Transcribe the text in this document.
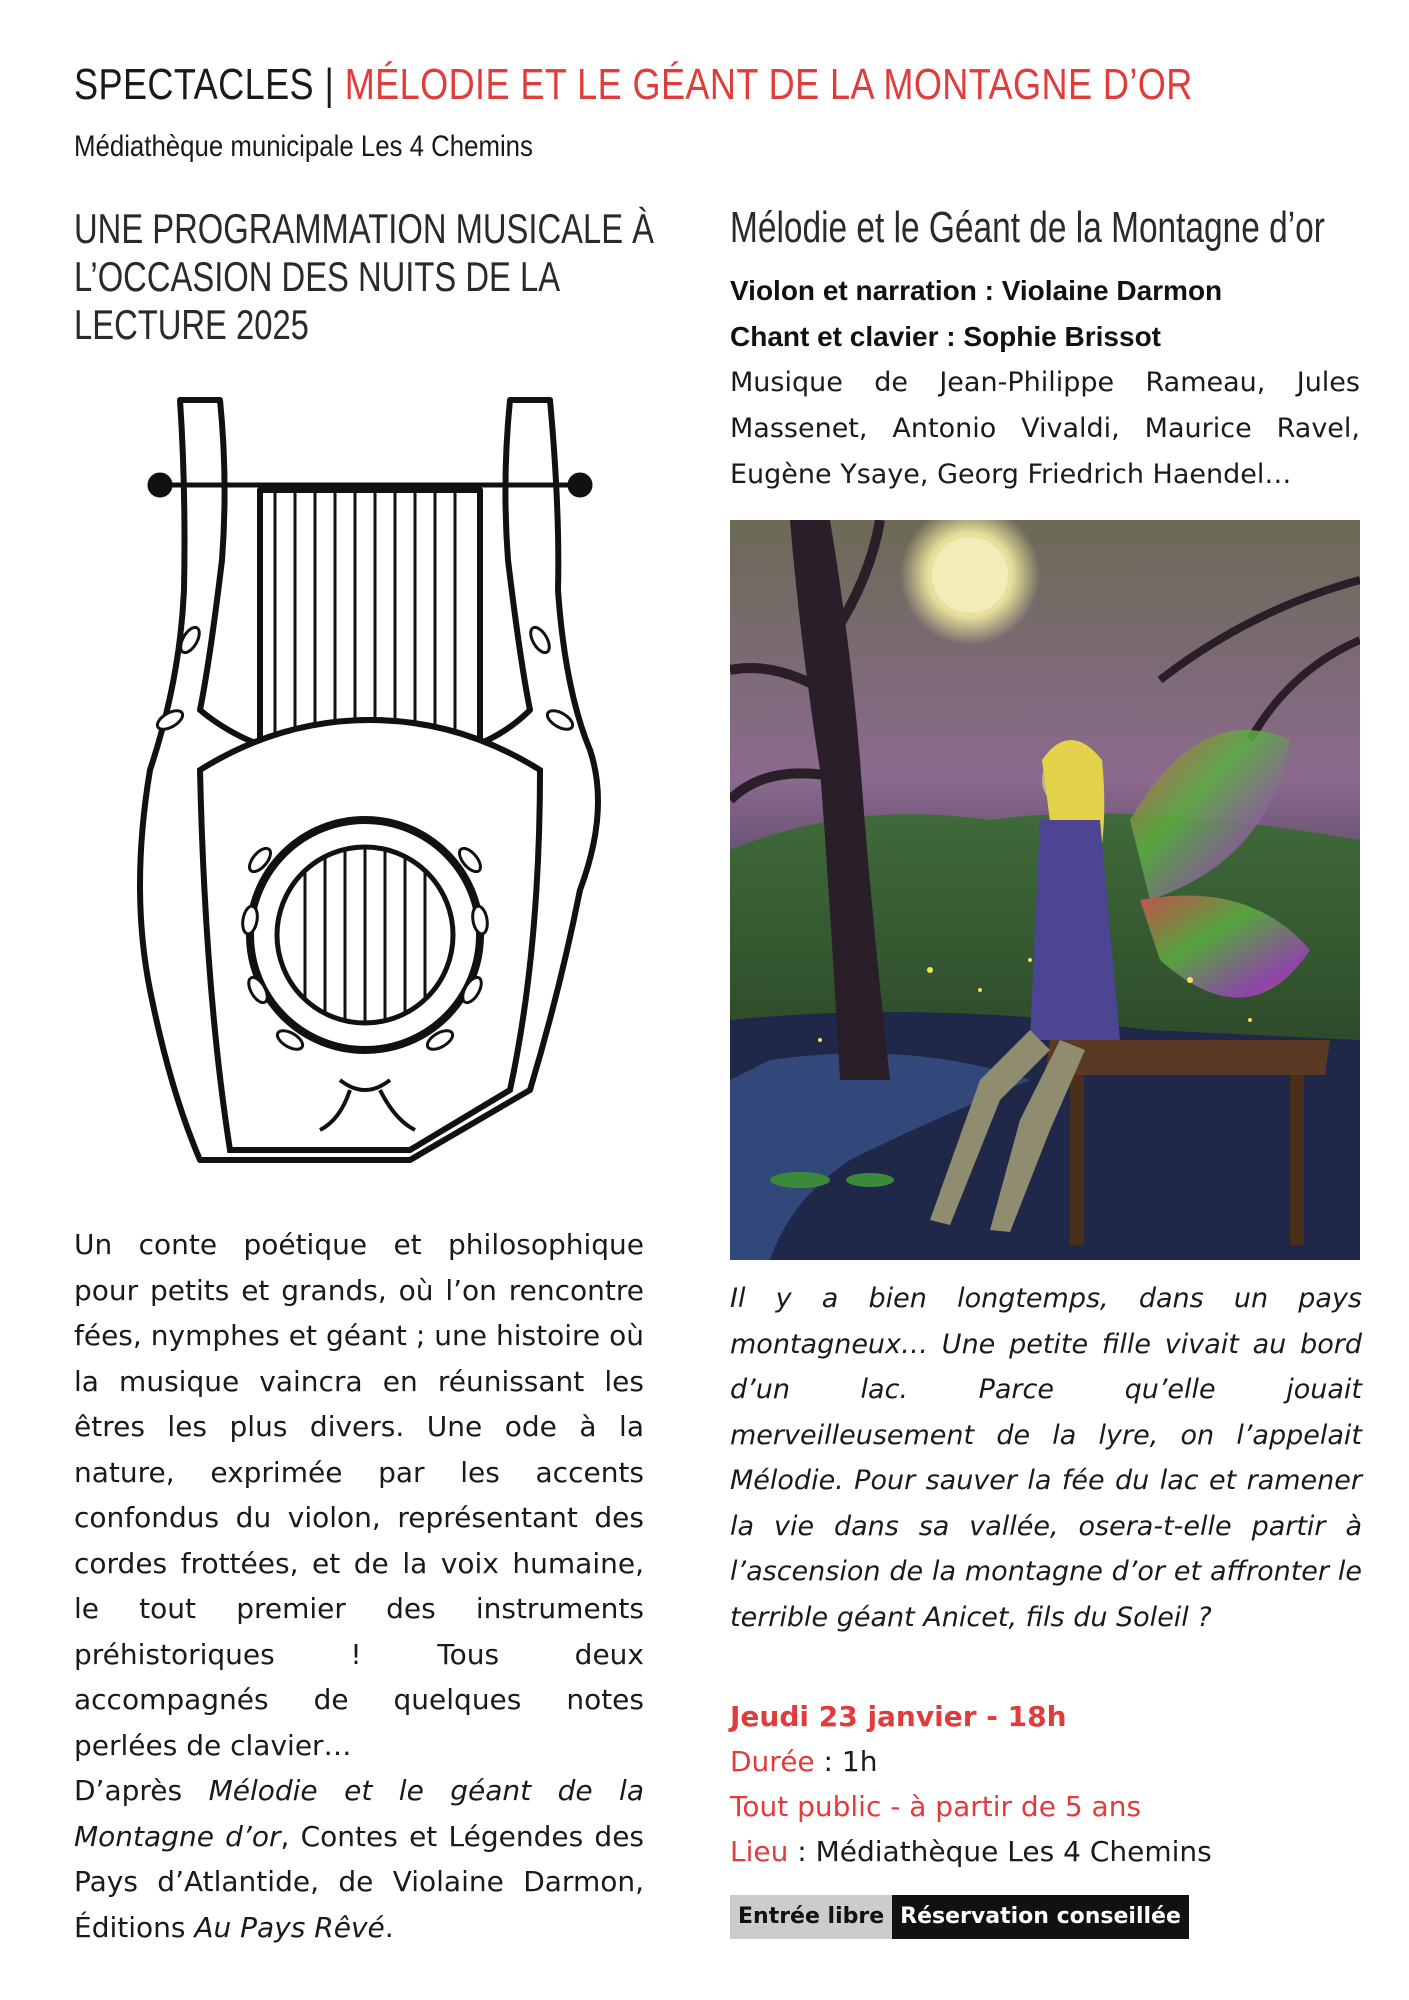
SPECTACLES | MÉLODIE ET LE GÉANT DE LA MONTAGNE D’OR
Médiathèque municipale Les 4 Chemins
UNE PROGRAMMATION MUSICALE À L’OCCASION DES NUITS DE LA LECTURE 2025

Un conte poétique et philosophique pour petits et grands, où l’on rencontre fées, nymphes et géant ; une histoire où la musique vaincra en réunissant les êtres les plus divers. Une ode à la nature, exprimée par les accents confondus du violon, représentant des cordes frottées, et de la voix humaine, le tout premier des instruments préhistoriques ! Tous deux accompagnés de quelques notes perlées de clavier…

D’après Mélodie et le géant de la Montagne d’or, Contes et Légendes des Pays d’Atlantide, de Violaine Darmon, Éditions Au Pays Rêvé.

Mélodie et le Géant de la Montagne d’or
Violon et narration : Violaine Darmon
Chant et clavier : Sophie Brissot
Musique de Jean-Philippe Rameau, Jules Massenet, Antonio Vivaldi, Maurice Ravel, Eugène Ysaye, Georg Friedrich Haendel…
Il y a bien longtemps, dans un pays montagneux… Une petite fille vivait au bord d’un lac. Parce qu’elle jouait merveilleusement de la lyre, on l’appelait Mélodie. Pour sauver la fée du lac et ramener la vie dans sa vallée, osera-t-elle partir à l’ascension de la montagne d’or et affronter le terrible géant Anicet, fils du Soleil ?
Jeudi 23 janvier - 18h
Durée : 1h
Tout public - à partir de 5 ans
Lieu : Médiathèque Les 4 Chemins
Entrée libre Réservation conseillée
